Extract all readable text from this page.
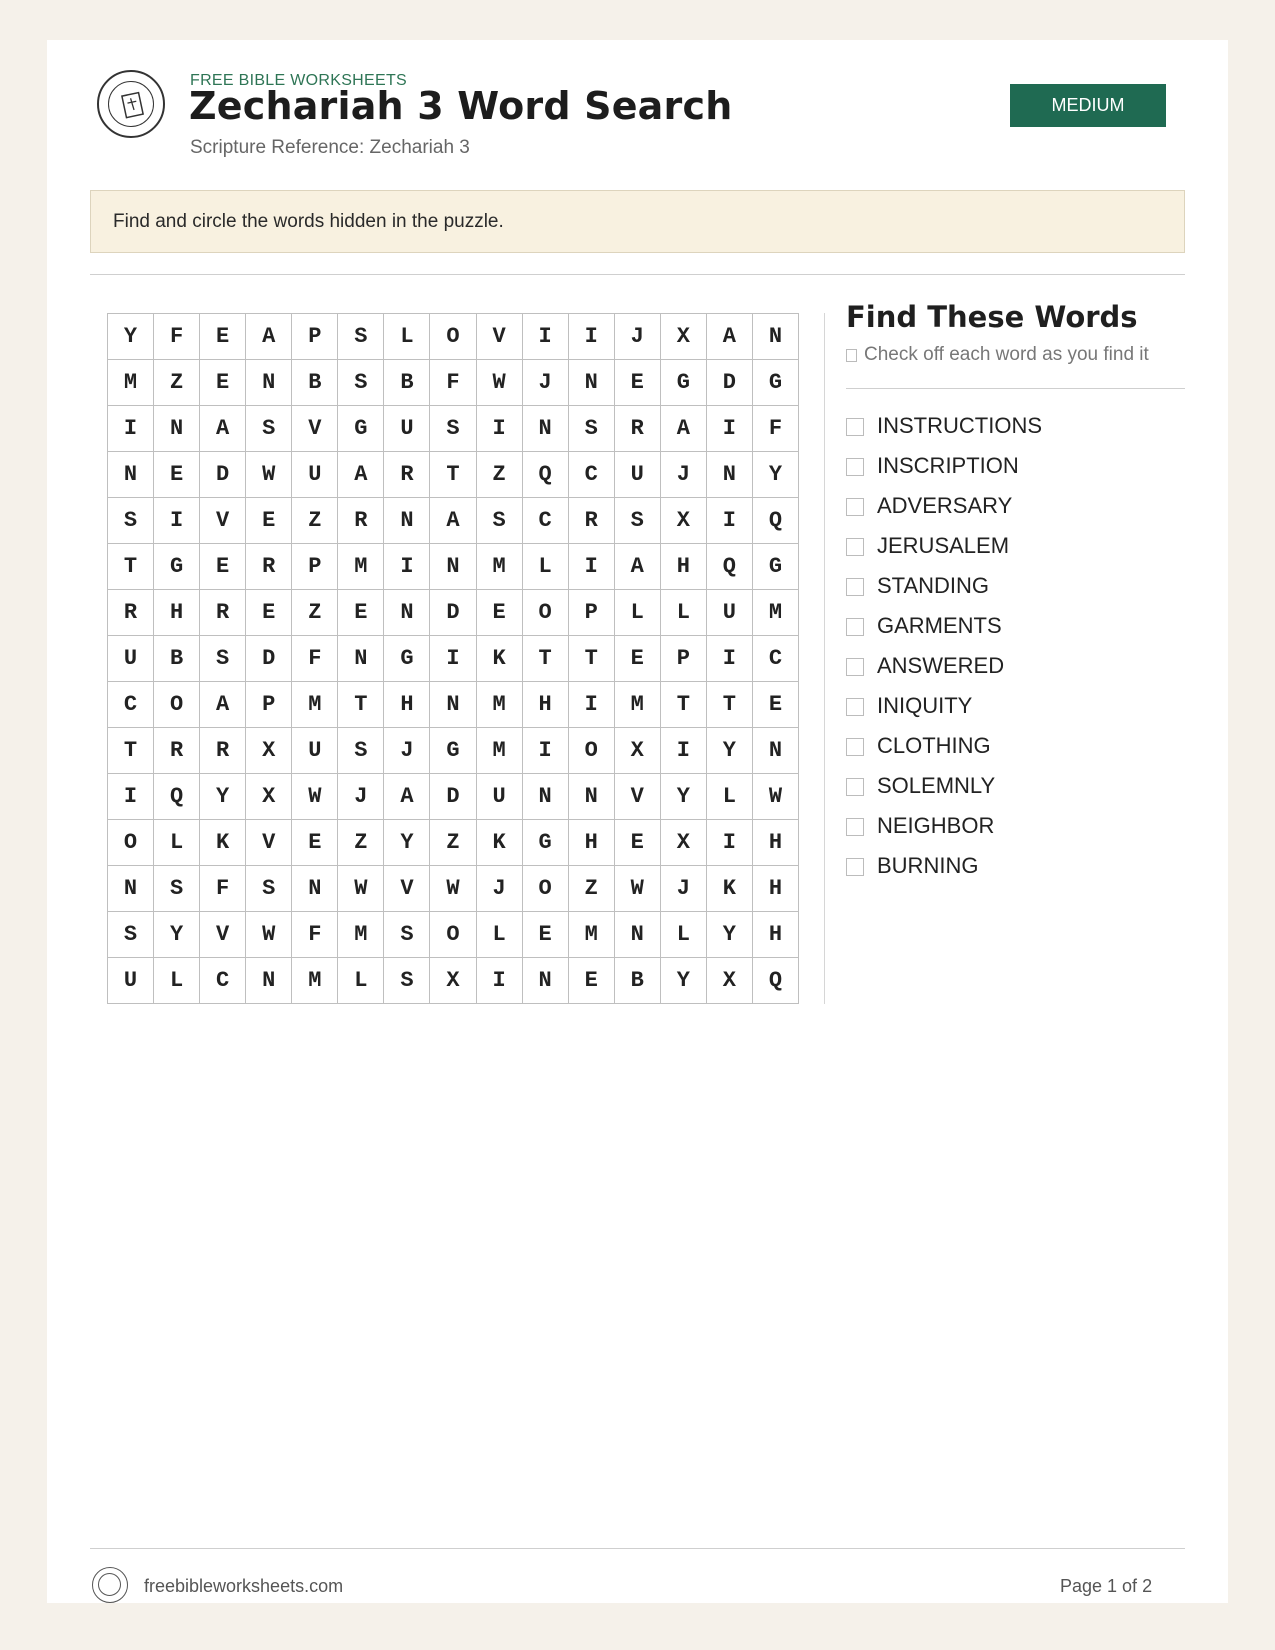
FREE BIBLE WORKSHEETS
Zechariah 3 Word Search
Scripture Reference: Zechariah 3
MEDIUM
Find and circle the words hidden in the puzzle.
Y	F	E	A	P	S	L	O	V	I	I	J	X	A	N
M	Z	E	N	B	S	B	F	W	J	N	E	G	D	G
I	N	A	S	V	G	U	S	I	N	S	R	A	I	F
N	E	D	W	U	A	R	T	Z	Q	C	U	J	N	Y
S	I	V	E	Z	R	N	A	S	C	R	S	X	I	Q
T	G	E	R	P	M	I	N	M	L	I	A	H	Q	G
R	H	R	E	Z	E	N	D	E	O	P	L	L	U	M
U	B	S	D	F	N	G	I	K	T	T	E	P	I	C
C	O	A	P	M	T	H	N	M	H	I	M	T	T	E
T	R	R	X	U	S	J	G	M	I	O	X	I	Y	N
I	Q	Y	X	W	J	A	D	U	N	N	V	Y	L	W
O	L	K	V	E	Z	Y	Z	K	G	H	E	X	I	H
N	S	F	S	N	W	V	W	J	O	Z	W	J	K	H
S	Y	V	W	F	M	S	O	L	E	M	N	L	Y	H
U	L	C	N	M	L	S	X	I	N	E	B	Y	X	Q
Find These Words
Check off each word as you find it
INSTRUCTIONS
INSCRIPTION
ADVERSARY
JERUSALEM
STANDING
GARMENTS
ANSWERED
INIQUITY
CLOTHING
SOLEMNLY
NEIGHBOR
BURNING
freebibleworksheets.com	Page 1 of 2
